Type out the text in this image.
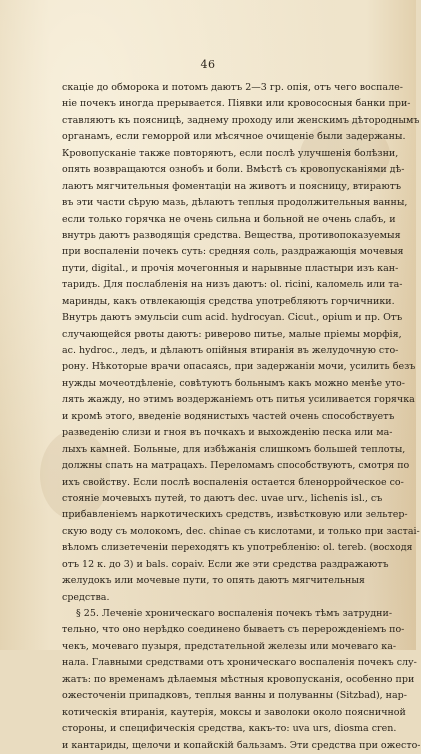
46
скаціе до обморока и потомъ даютъ 2—3 гр. опія, отъ чего воспале-
ніе почекъ иногда прерывается. Піявки или кровососныя банки при-
ставляютъ къ поясницѣ, заднему проходу или женскимъ дѣтороднымъ
органамъ, если геморрой или мѣсячное очищеніе были задержаны.
Кровопусканіе также повторяютъ, если послѣ улучшенія болѣзни,
опять возвращаются ознобъ и боли. Вмѣстѣ съ кровопусканіями дѣ-
лаютъ мягчительныя фоментаціи на животъ и поясницу, втираютъ
въ эти части сѣрую мазь, дѣлаютъ теплыя продолжительныя ванны,
если только горячка не очень сильна и больной не очень слабъ, и
внутрь даютъ разводящія средства. Вещества, противопоказуемыя
при воспаленіи почекъ суть: средняя соль, раздражающія мочевыя
пути, digital., и прочія мочегонныя и нарывные пластыри изъ кан-
таридъ. Для послабленія на низъ даютъ: ol. ricini, каломель или та-
маринды, какъ отвлекающія средства употребляютъ горчичники.
Внутрь даютъ эмульсіи cum acid. hydrocyan. Cicut., opium и пр. Отъ
случающейся рвоты даютъ: риверово питье, малые пріемы морфія,
ac. hydroc., ледъ, и дѣлаютъ опійныя втиранія въ желудочную сто-
рону. Нѣкоторые врачи опасаясь, при задержаніи мочи, усилить безъ
нужды мочеотдѣленіе, совѣтуютъ больнымъ какъ можно менѣе уто-
лять жажду, но этимъ воздержаніемъ отъ питья усиливается горячка
и кромѣ этого, введеніе водянистыхъ частей очень способствуетъ
разведенію слизи и гноя въ почкахъ и выхожденію песка или ма-
лыхъ камней. Больные, для избѣжанія слишкомъ большей теплоты,
должны спать на матрацахъ. Переломамъ способствуютъ, смотря по
ихъ свойству. Если послѣ воспаленія остается бленорройческое со-
стояніе мочевыхъ путей, то даютъ dec. uvae urv., lichenis isl., съ
прибавленіемъ наркотическихъ средствъ, извѣстковую или зельтер-
скую воду съ молокомъ, dec. chinae съ кислотами, и только при застаі-
вѣломъ слизетеченіи переходятъ къ употребленію: ol. tereb. (восходя
отъ 12 к. до 3) и bals. copaiv. Если же эти средства раздражаютъ
желудокъ или мочевые пути, то опять даютъ мягчительныя
средства.
§ 25. Леченіе хроническаго воспаленія почекъ тѣмъ затрудни-
тельно, что оно нерѣдко соединено бываетъ съ перерожденіемъ по-
чекъ, мочеваго пузыря, предстательной железы или мочеваго ка-
нала. Главными средствами отъ хроническаго воспаленія почекъ слу-
жатъ: по временамъ дѣлаемыя мѣстныя кровопусканія, особенно при
ожесточеніи припадковъ, теплыя ванны и полуванны (Sitzbad), нар-
котическія втиранія, каутерія, моксы и заволоки около поясничной
стороны, и специфическія средства, какъ-то: uva urs, diosma cren.
и кантариды, щелочи и копайскій бальзамъ. Эти средства при ожесто-
